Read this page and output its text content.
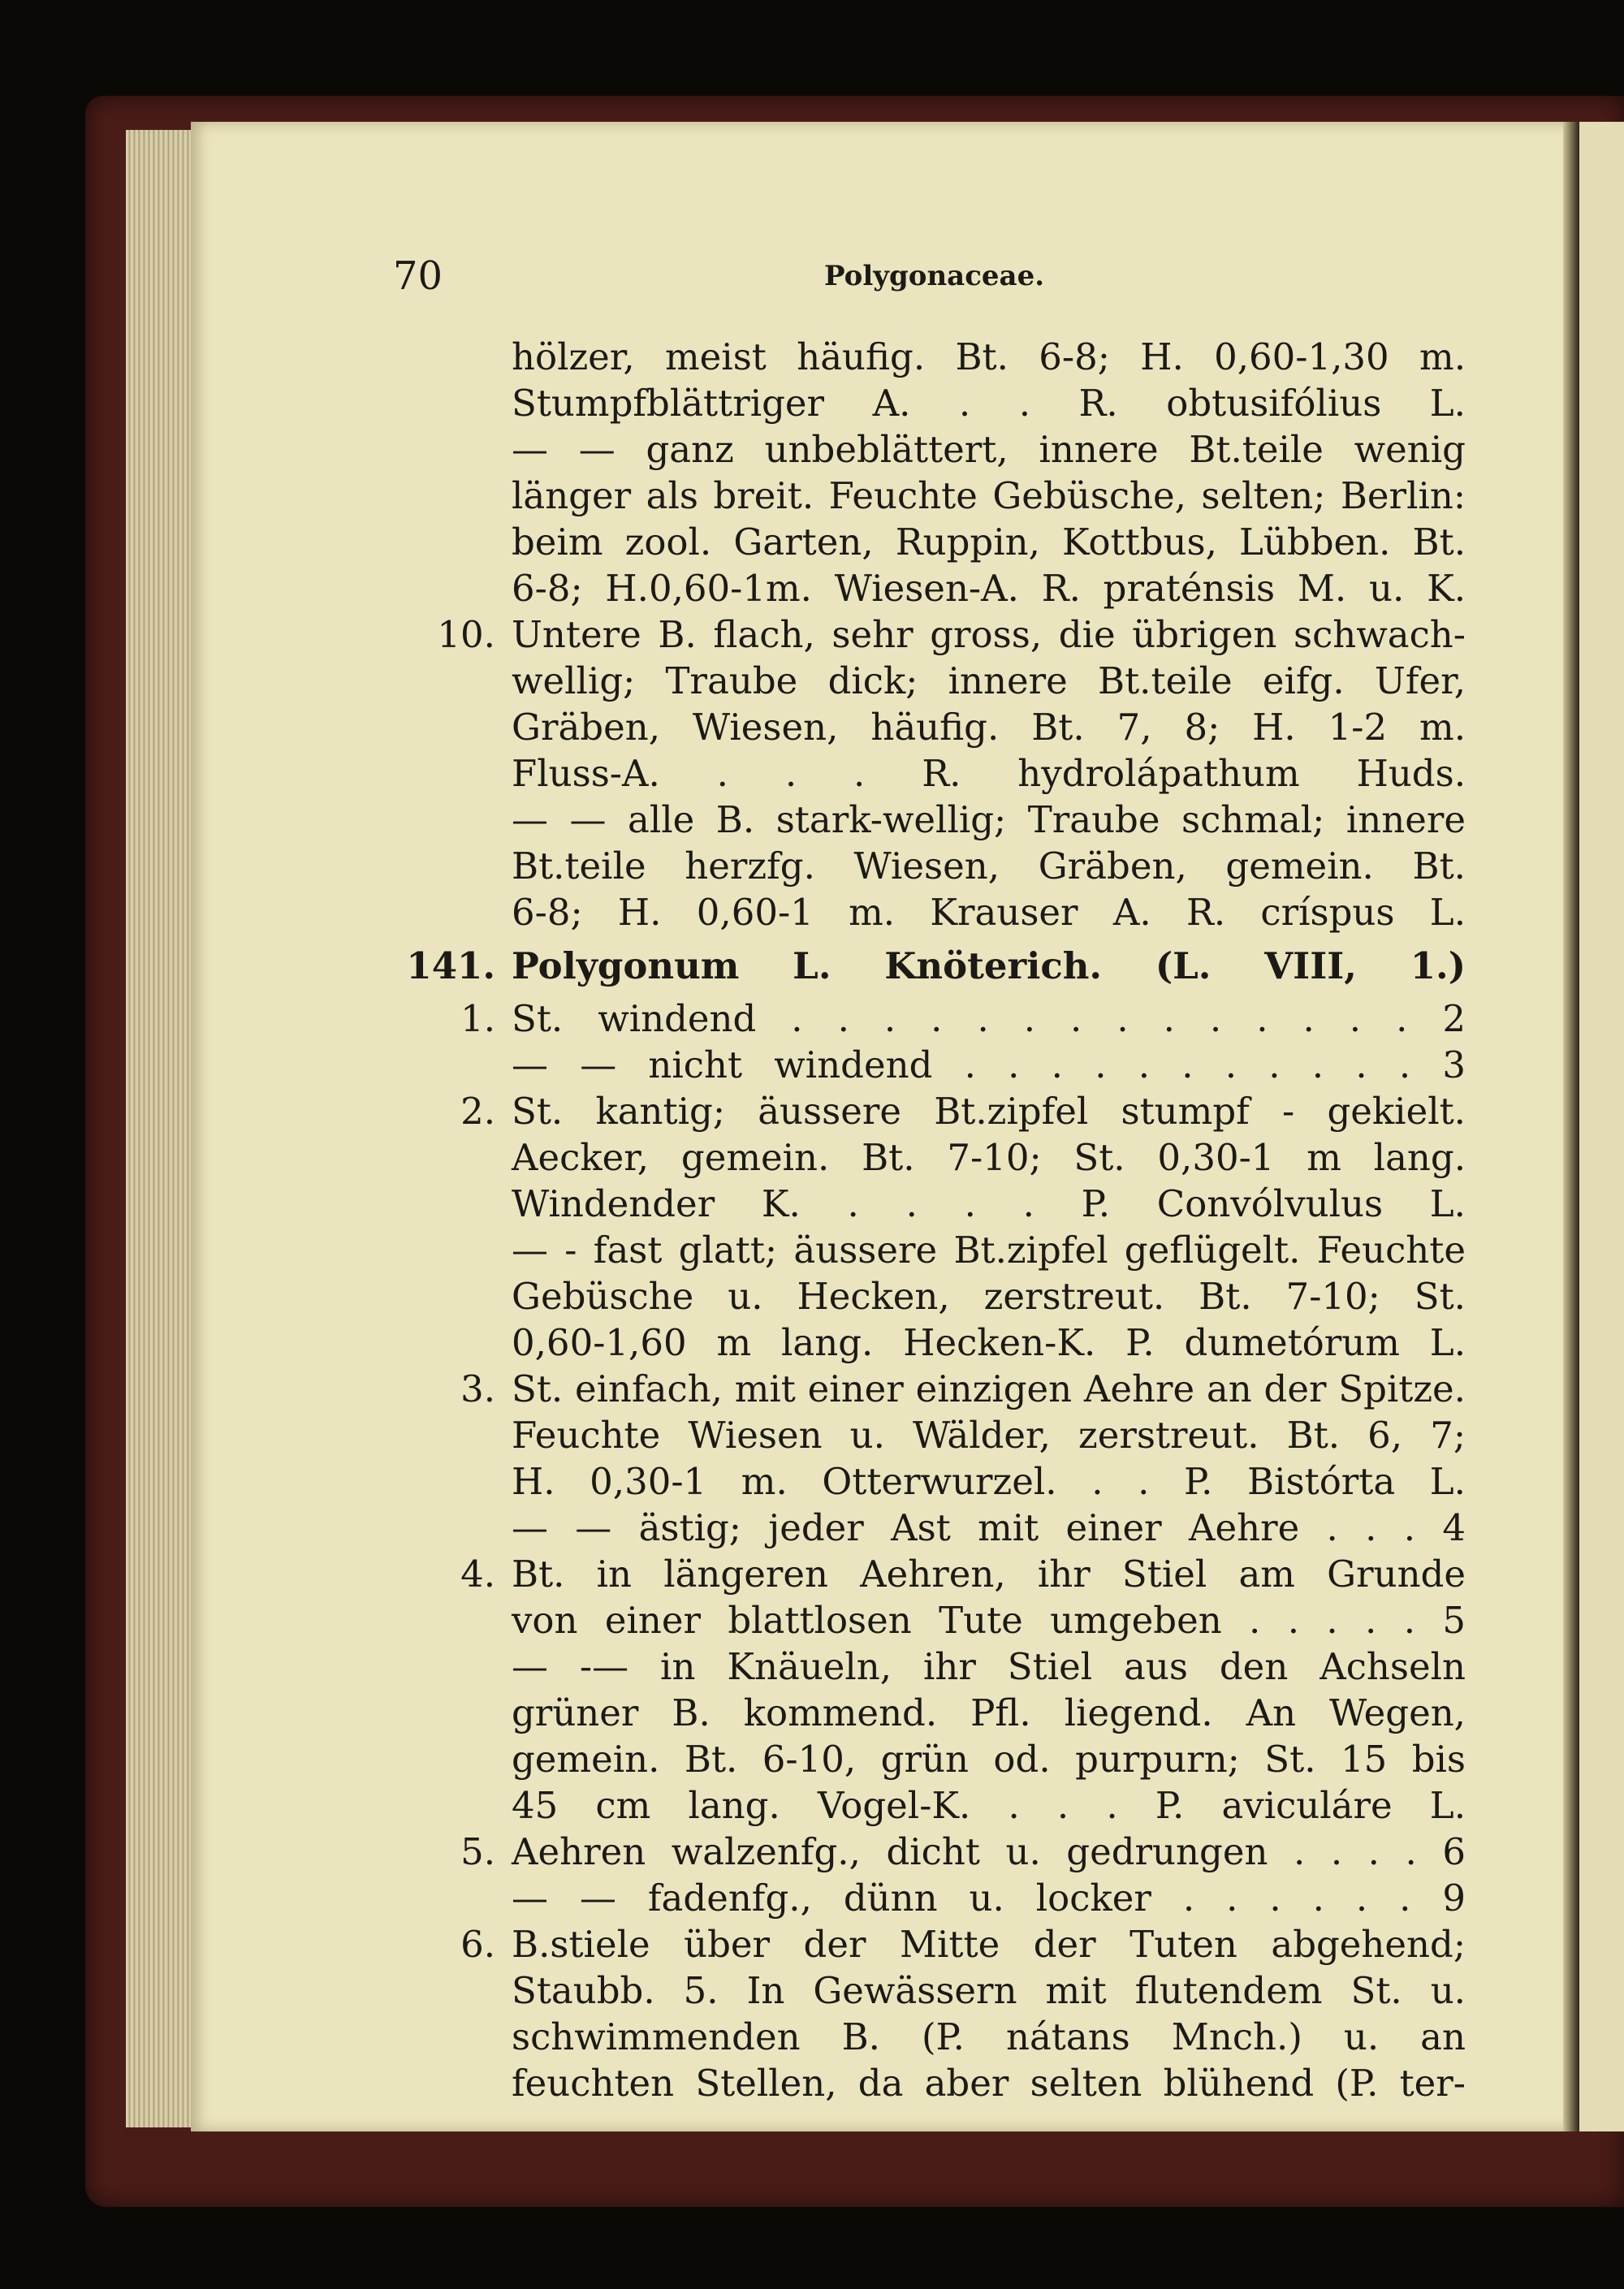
70	Polygonaceae.
hölzer, meist häufig. Bt. 6-8; H. 0,60-1,30 m.
Stumpfblättriger A. . . R. obtusifólius L.
— — ganz unbeblättert, innere Bt.teile wenig
länger als breit. Feuchte Gebüsche, selten; Berlin:
beim zool. Garten, Ruppin, Kottbus, Lübben. Bt.
6-8; H.0,60-1m. Wiesen-A. R. praténsis M. u. K.
10. Untere B. flach, sehr gross, die übrigen schwach-
wellig; Traube dick; innere Bt.teile eifg. Ufer,
Gräben, Wiesen, häufig. Bt. 7, 8; H. 1-2 m.
Fluss-A. . . . R. hydrolápathum Huds.
— — alle B. stark-wellig; Traube schmal; innere
Bt.teile herzfg. Wiesen, Gräben, gemein. Bt.
6-8; H. 0,60-1 m. Krauser A. R. críspus L.
141. Polygonum L. Knöterich. (L. VIII, 1.)
1. St. windend . . . . . . . . . . . . . . 2
— — nicht windend . . . . . . . . . . . 3
2. St. kantig; äussere Bt.zipfel stumpf - gekielt.
Aecker, gemein. Bt. 7-10; St. 0,30-1 m lang.
Windender K. . . . . P. Convólvulus L.
— - fast glatt; äussere Bt.zipfel geflügelt. Feuchte
Gebüsche u. Hecken, zerstreut. Bt. 7-10; St.
0,60-1,60 m lang. Hecken-K. P. dumetórum L.
3. St. einfach, mit einer einzigen Aehre an der Spitze.
Feuchte Wiesen u. Wälder, zerstreut. Bt. 6, 7;
H. 0,30-1 m. Otterwurzel. . . P. Bistórta L.
— — ästig; jeder Ast mit einer Aehre . . . 4
4. Bt. in längeren Aehren, ihr Stiel am Grunde
von einer blattlosen Tute umgeben . . . . . 5
— -— in Knäueln, ihr Stiel aus den Achseln
grüner B. kommend. Pfl. liegend. An Wegen,
gemein. Bt. 6-10, grün od. purpurn; St. 15 bis
45 cm lang. Vogel-K. . . . P. aviculáre L.
5. Aehren walzenfg., dicht u. gedrungen . . . . 6
— — fadenfg., dünn u. locker . . . . . . 9
6. B.stiele über der Mitte der Tuten abgehend;
Staubb. 5. In Gewässern mit flutendem St. u.
schwimmenden B. (P. nátans Mnch.) u. an
feuchten Stellen, da aber selten blühend (P. ter-
